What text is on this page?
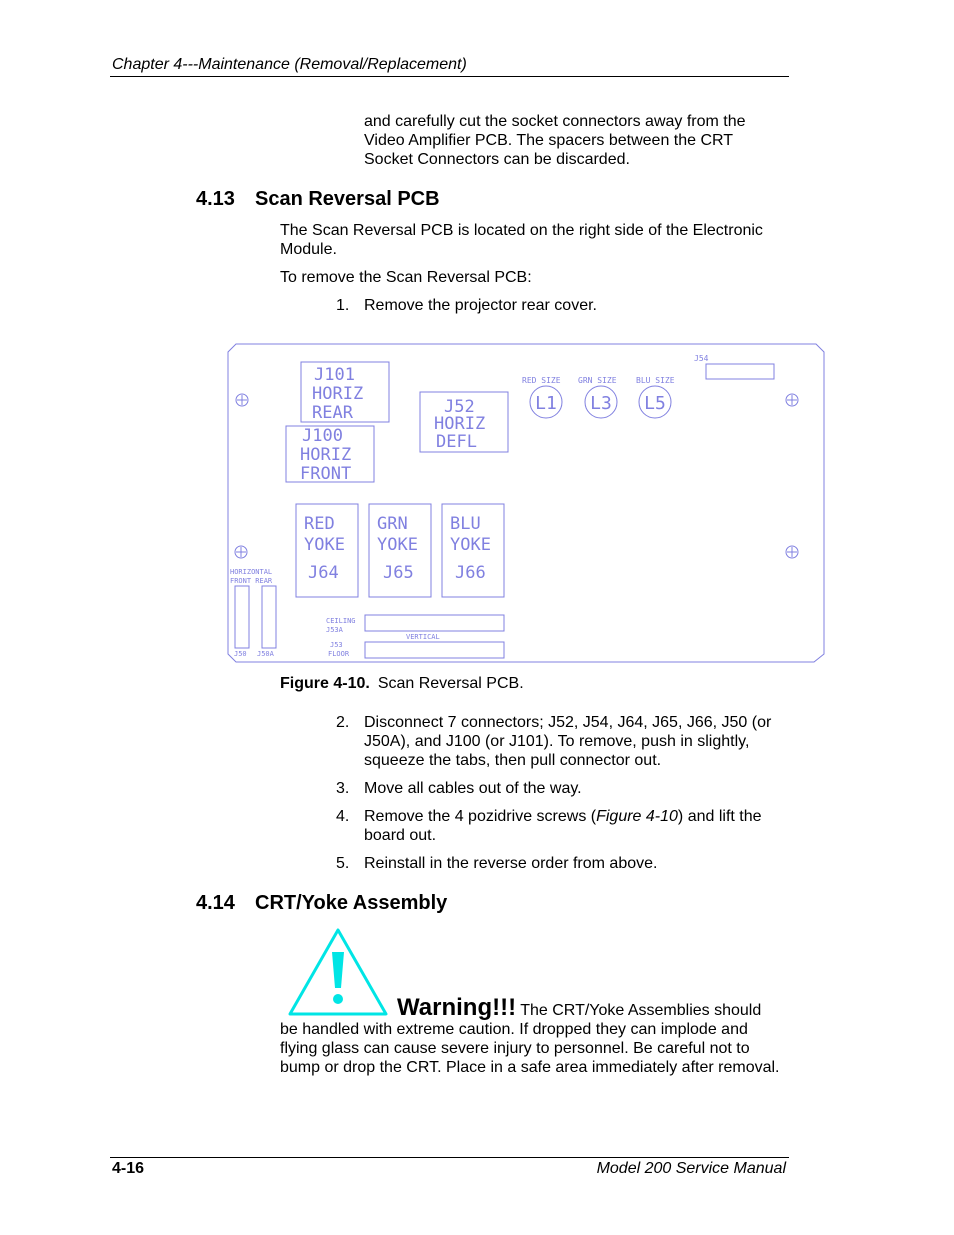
Chapter 4---Maintenance (Removal/Replacement)
and carefully cut the socket connectors away from the Video Amplifier PCB. The spacers between the CRT Socket Connectors can be discarded.
4.13 Scan Reversal PCB
The Scan Reversal PCB is located on the right side of the Electronic Module.
To remove the Scan Reversal PCB:
1. Remove the projector rear cover.
J54
RED SIZE GRN SIZE BLU SIZE
L1 L3 L5
J101
HORIZ
REAR
J100
HORIZ
FRONT
J52
HORIZ
DEFL
RED
YOKE
J64
GRN
YOKE
J65
BLU
YOKE
J66
HORIZONTAL
FRONT REAR
CEILING
J53A
VERTICAL
J53
FLOOR
J50 J50A
Figure 4-10. Scan Reversal PCB.
2. Disconnect 7 connectors; J52, J54, J64, J65, J66, J50 (or J50A), and J100 (or J101). To remove, push in slightly, squeeze the tabs, then pull connector out.
3. Move all cables out of the way.
4. Remove the 4 pozidrive screws (Figure 4-10) and lift the board out.
5. Reinstall in the reverse order from above.
4.14 CRT/Yoke Assembly
Warning!!! The CRT/Yoke Assemblies should be handled with extreme caution. If dropped they can implode and flying glass can cause severe injury to personnel. Be careful not to bump or drop the CRT. Place in a safe area immediately after removal.
4-16	Model 200 Service Manual
